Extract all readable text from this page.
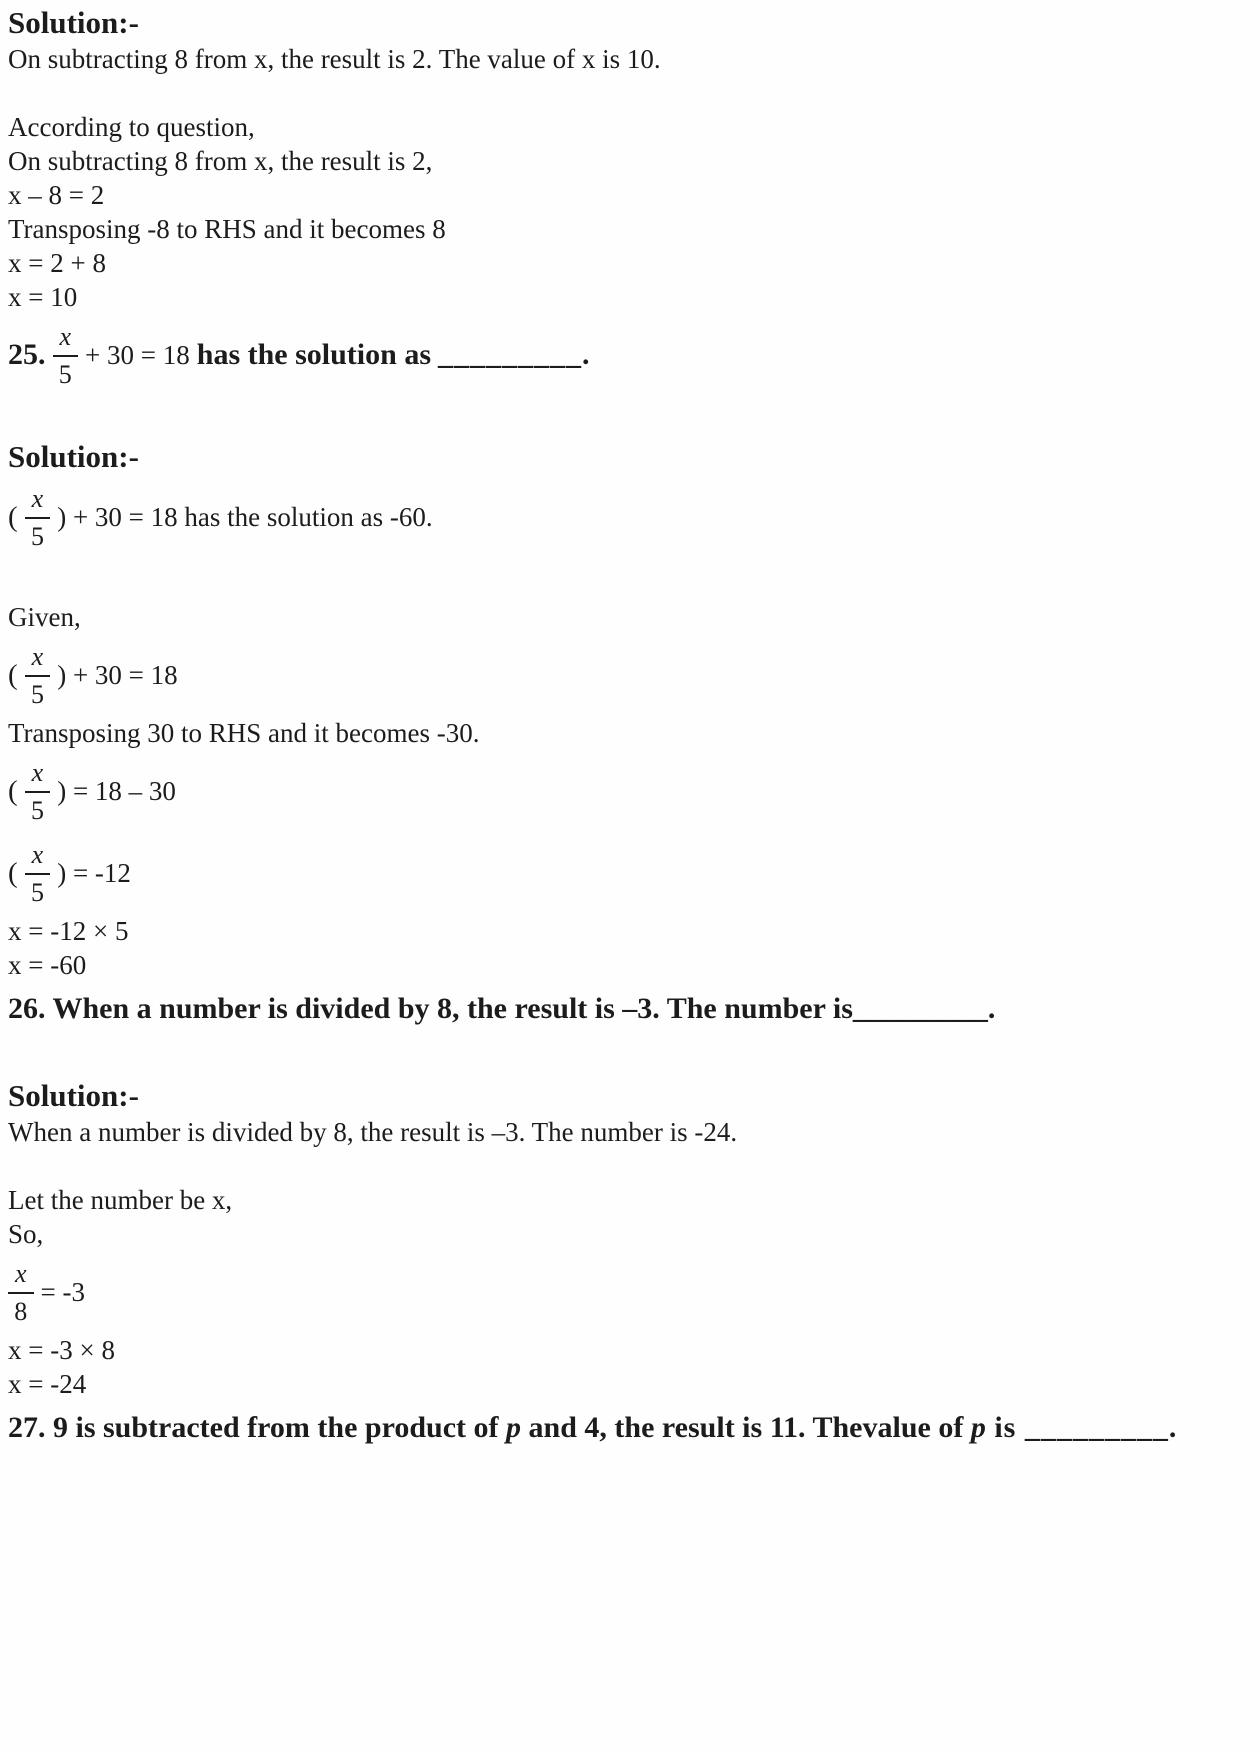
Solution:-

On subtracting 8 from x, the result is 2. The value of x is 10.

According to question,

On subtracting 8 from x, the result is 2,

x – 8 = 2

Transposing -8 to RHS and it becomes 8

x = 2 + 8

x = 10

25. $\frac{x}{5} + 30 = 18$ has the solution as _________.
Solution:-
( $\frac{x}{5}$ ) + 30 = 18 has the solution as -60.

Given,

( $\frac{x}{5}$ ) + 30 = 18

Transposing 30 to RHS and it becomes -30.

( $\frac{x}{5}$ ) = 18 – 30
( $\frac{x}{5}$ ) = -12

x = -12 × 5

x = -60

26. When a number is divided by 8, the result is –3. The number is_________.

Solution:-

When a number is divided by 8, the result is –3. The number is -24.

Let the number be x,

So,

$\frac{x}{8} = -3$

x = -3 × 8

x = -24

27. 9 is subtracted from the product of p and 4, the result is 11. Thevalue of p is _________.
